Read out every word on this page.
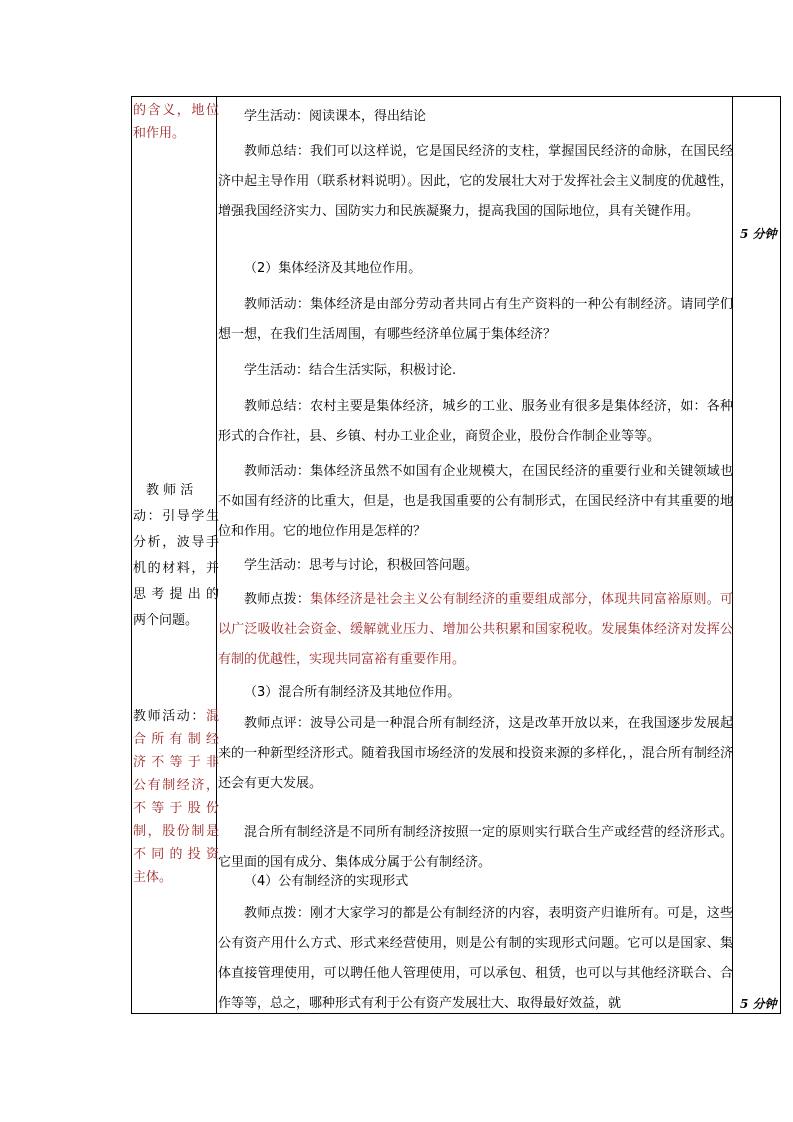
的含义，地位
和作用。
　教 师 活
动：引导学生
分析，波导手
机的材料，并
思 考 提 出 的
两个问题。
教师活动：混
合 所 有 制 经
济不等于非
公有制经济，
不 等 于 股 份
制，股份制是
不 同 的 投 资
主体。
学生活动：阅读课本，得出结论
教师总结：我们可以这样说，它是国民经济的支柱，掌握国民经济的命脉，在国民经济中起主导作用（联系材料说明）。因此，它的发展壮大对于发挥社会主义制度的优越性，增强我国经济实力、国防实力和民族凝聚力，提高我国的国际地位，具有关键作用。
（2）集体经济及其地位作用。
教师活动：集体经济是由部分劳动者共同占有生产资料的一种公有制经济。请同学们想一想，在我们生活周围，有哪些经济单位属于集体经济？
学生活动：结合生活实际，积极讨论.
教师总结：农村主要是集体经济，城乡的工业、服务业有很多是集体经济，如：各种形式的合作社，县、乡镇、村办工业企业，商贸企业，股份合作制企业等等。
教师活动：集体经济虽然不如国有企业规模大，在国民经济的重要行业和关键领域也不如国有经济的比重大，但是，也是我国重要的公有制形式，在国民经济中有其重要的地位和作用。它的地位作用是怎样的？
学生活动：思考与讨论，积极回答问题。
教师点拨：集体经济是社会主义公有制经济的重要组成部分，体现共同富裕原则。可以广泛吸收社会资金、缓解就业压力、增加公共积累和国家税收。发展集体经济对发挥公有制的优越性，实现共同富裕有重要作用。
（3）混合所有制经济及其地位作用。
教师点评：波导公司是一种混合所有制经济，这是改革开放以来，在我国逐步发展起来的一种新型经济形式。随着我国市场经济的发展和投资来源的多样化，，混合所有制经济还会有更大发展。
混合所有制经济是不同所有制经济按照一定的原则实行联合生产或经营的经济形式。它里面的国有成分、集体成分属于公有制经济。
（4）公有制经济的实现形式
教师点拨：刚才大家学习的都是公有制经济的内容，表明资产归谁所有。可是，这些公有资产用什么方式、形式来经营使用，则是公有制的实现形式问题。它可以是国家、集体直接管理使用，可以聘任他人管理使用，可以承包、租赁，也可以与其他经济联合、合作等等，总之，哪种形式有利于公有资产发展壮大、取得最好效益，就
5 分钟
5 分钟
